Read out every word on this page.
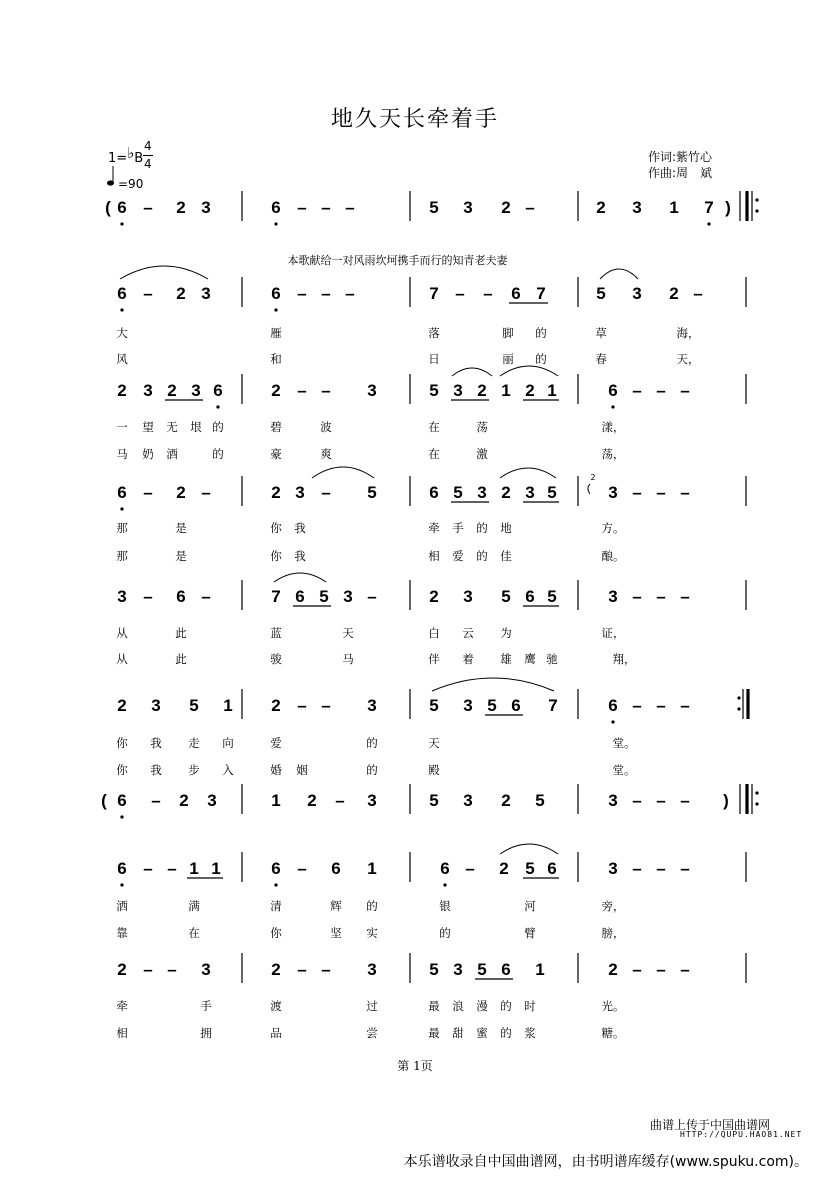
地久天长牵着手
1=♭B
4
4
=90
作词:紫竹心
作曲:周　斌
本歌献给一对风雨坎坷携手而行的知青老夫妻
6 – 2 3	6 – – –	5 3 2 –	2 3 1 7
(	)
6 – 2 3	6 – – –	7 – – 6 7	5 3 2 –
大	雁	落	脚 的	草	海，
风	和	日	丽 的	春	天，
2 3 2 3 6	2 – – 3	5 3 2 1 2 1	6 – – –
一 望 无 垠 的	碧	波	在	荡	漾，
马 奶 酒	的	豪	爽	在	激	荡，
6 – 2 –	2 3 – 5	6 5 3 2 3 5	3 – – –
那	是	你 我	牵 手 的 地	方。
那	是	你 我	相 爱 的 佳	酿。
3 – 6 –	7 6 5 3 –	2 3 5 6 5	3 – – –
从	此	蓝	天	白 云 为	证，
从	此	骏	马	伴 着 雄 鹰 驰	翔，
2 3 5 1 2 – – 3	5 3 5 6 7	6 – – –
你 我 走 向	爱	的	天	堂。
你 我 步 入	婚 姻	的	殿	堂。
6 – 2 3	1 2 – 3	5 3 2 5	3 – – –
(	)
6 – – 1 1	6 – 6 1	6 – 2 5 6	3 – – –
洒	满	清	辉 的	银	河	旁，
靠	在	你	坚 实	的	臂	膀，
2 – – 3	2 – – 3	5 3 5 6 1	2 – – –
牵	手	渡	过	最 浪 漫 的 时	光。
相	拥	品	尝	最 甜 蜜 的 浆	糖。
2
第 1页
曲谱上传于中国曲谱网
HTTP://QUPU.HAO81.NET
本乐谱收录自中国曲谱网，由书明谱库缓存(www.spuku.com)。
